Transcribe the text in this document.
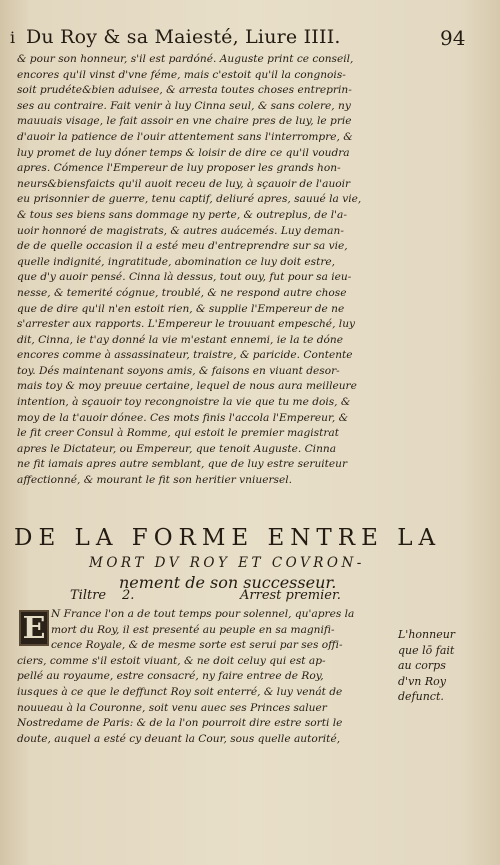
i Du Roy & sa Maiesté, Liure IIII.	94
& pour son honneur, s'il est pardóné. Auguste print ce conseil,
encores qu'il vinst d'vne féme, mais c'estoit qu'il la congnois-
soit prudéte&bien aduisee, & arresta toutes choses entreprin-
ses au contraire. Fait venir à luy Cinna seul, & sans colere, ny
mauuais visage, le fait assoir en vne chaire pres de luy, le prie
d'auoir la patience de l'ouir attentement sans l'interrompre, &
luy promet de luy dóner temps & loisir de dire ce qu'il voudra
apres. Cómence l'Empereur de luy proposer les grands hon-
neurs&biensfaicts qu'il auoit receu de luy, à sçauoir de l'auoir
eu prisonnier de guerre, tenu captif, deliuré apres, sauué la vie,
& tous ses biens sans dommage ny perte, & outreplus, de l'a-
uoir honnoré de magistrats, & autres auácemés. Luy deman-
de de quelle occasion il a esté meu d'entreprendre sur sa vie,
quelle indignité, ingratitude, abomination ce luy doit estre,
que d'y auoir pensé. Cinna là dessus, tout ouy, fut pour sa ieu-
nesse, & temerité cógnue, troublé, & ne respond autre chose
que de dire qu'il n'en estoit rien, & supplie l'Empereur de ne
s'arrester aux rapports. L'Empereur le trouuant empesché, luy
dit, Cinna, ie t'ay donné la vie m'estant ennemi, ie la te dóne
encores comme à assassinateur, traistre, & paricide. Contente
toy. Dés maintenant soyons amis, & faisons en viuant desor-
mais toy & moy preuue certaine, lequel de nous aura meilleure
intention, à sçauoir toy recongnoistre la vie que tu me dois, &
moy de la t'auoir dónee. Ces mots finis l'accola l'Empereur, &
le fit creer Consul à Romme, qui estoit le premier magistrat
apres le Dictateur, ou Empereur, que tenoit Auguste. Cinna
ne fit iamais apres autre semblant, que de luy estre seruiteur
affectionné, & mourant le fit son heritier vniuersel.
DE LA FORME ENTRE LA
MORT DV ROY ET COVRON-
nement de son successeur.
Tiltre 2.	Arrest premier.
E N France l'on a de tout temps pour solennel, qu'apres la
mort du Roy, il est presenté au peuple en sa magnifi-
cence Royale, & de mesme sorte est serui par ses offi-
ciers, comme s'il estoit viuant, & ne doit celuy qui est ap-
pellé au royaume, estre consacré, ny faire entree de Roy,
iusques à ce que le deffunct Roy soit enterré, & luy venát de
nouueau à la Couronne, soit venu auec ses Princes saluer
Nostredame de Paris: & de la l'on pourroit dire estre sorti le
doute, auquel a esté cy deuant la Cour, sous quelle autorité,
L'honneur
que lō fait
au corps
d'vn Roy
defunct.
